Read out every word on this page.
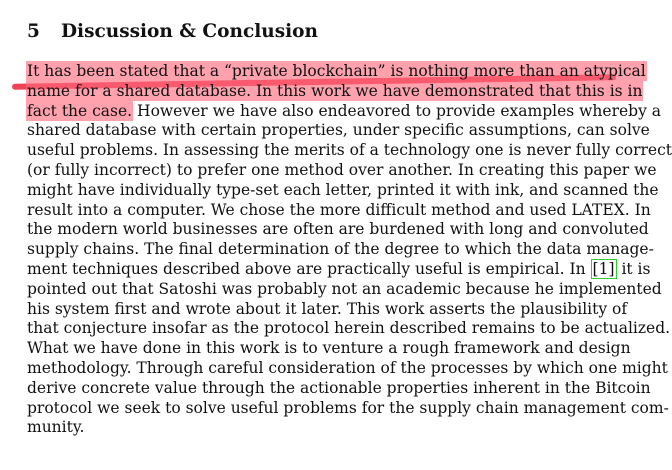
5 Discussion & Conclusion
It has been stated that a “private blockchain” is nothing more than an atypical
name for a shared database. In this work we have demonstrated that this is in
fact the case. However we have also endeavored to provide examples whereby a
shared database with certain properties, under specific assumptions, can solve
useful problems. In assessing the merits of a technology one is never fully correct
(or fully incorrect) to prefer one method over another. In creating this paper we
might have individually type-set each letter, printed it with ink, and scanned the
result into a computer. We chose the more difficult method and used LATEX. In
the modern world businesses are often are burdened with long and convoluted
supply chains. The final determination of the degree to which the data manage-
ment techniques described above are practically useful is empirical. In [1] it is
pointed out that Satoshi was probably not an academic because he implemented
his system first and wrote about it later. This work asserts the plausibility of
that conjecture insofar as the protocol herein described remains to be actualized.
What we have done in this work is to venture a rough framework and design
methodology. Through careful consideration of the processes by which one might
derive concrete value through the actionable properties inherent in the Bitcoin
protocol we seek to solve useful problems for the supply chain management com-
munity.
